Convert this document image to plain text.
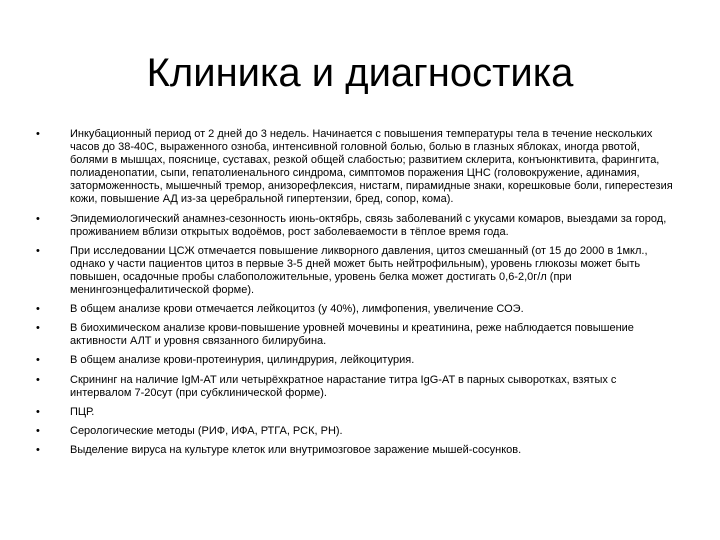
Клиника и диагностика
•	Инкубационный период от 2 дней до 3 недель. Начинается с повышения температуры тела в течение нескольких часов до 38-40С, выраженного озноба, интенсивной головной болью, болью в глазных яблоках, иногда рвотой, болями в мышцах, пояснице, суставах, резкой общей слабостью; развитием склерита, конъюнктивита, фарингита, полиаденопатии, сыпи, гепатолиенального синдрома, симптомов поражения ЦНС (головокружение, адинамия, заторможенность, мышечный тремор, анизорефлексия, нистагм, пирамидные знаки, корешковые боли, гиперестезия кожи, повышение АД из-за церебральной гипертензии, бред, сопор, кома).
•	Эпидемиологический анамнез-сезонность июнь-октябрь, связь заболеваний с укусами комаров, выездами за город, проживанием вблизи открытых водоёмов, рост заболеваемости в тёплое время года.
•	При исследовании ЦСЖ отмечается повышение ликворного давления, цитоз смешанный (от 15 до 2000 в 1мкл., однако у части пациентов цитоз в первые 3-5 дней может быть нейтрофильным), уровень глюкозы может быть повышен, осадочные пробы слабоположительные, уровень белка может достигать 0,6-2,0г/л (при менингоэнцефалитической форме).
•	В общем анализе крови отмечается лейкоцитоз (у 40%), лимфопения, увеличение СОЭ.
•	В биохимическом анализе крови-повышение уровней мочевины и креатинина, реже наблюдается повышение активности АЛТ и уровня связанного билирубина.
•	В общем анализе крови-протеинурия, цилиндрурия, лейкоцитурия.
•	Скрининг на наличие IgM-AT или четырёхкратное нарастание титра IgG-AT в парных сыворотках, взятых с интервалом 7-20сут (при субклинической форме).
•	ПЦР.
•	Серологические методы (РИФ, ИФА, РТГА, РСК, РН).
•	Выделение вируса на культуре клеток или внутримозговое заражение мышей-сосунков.
